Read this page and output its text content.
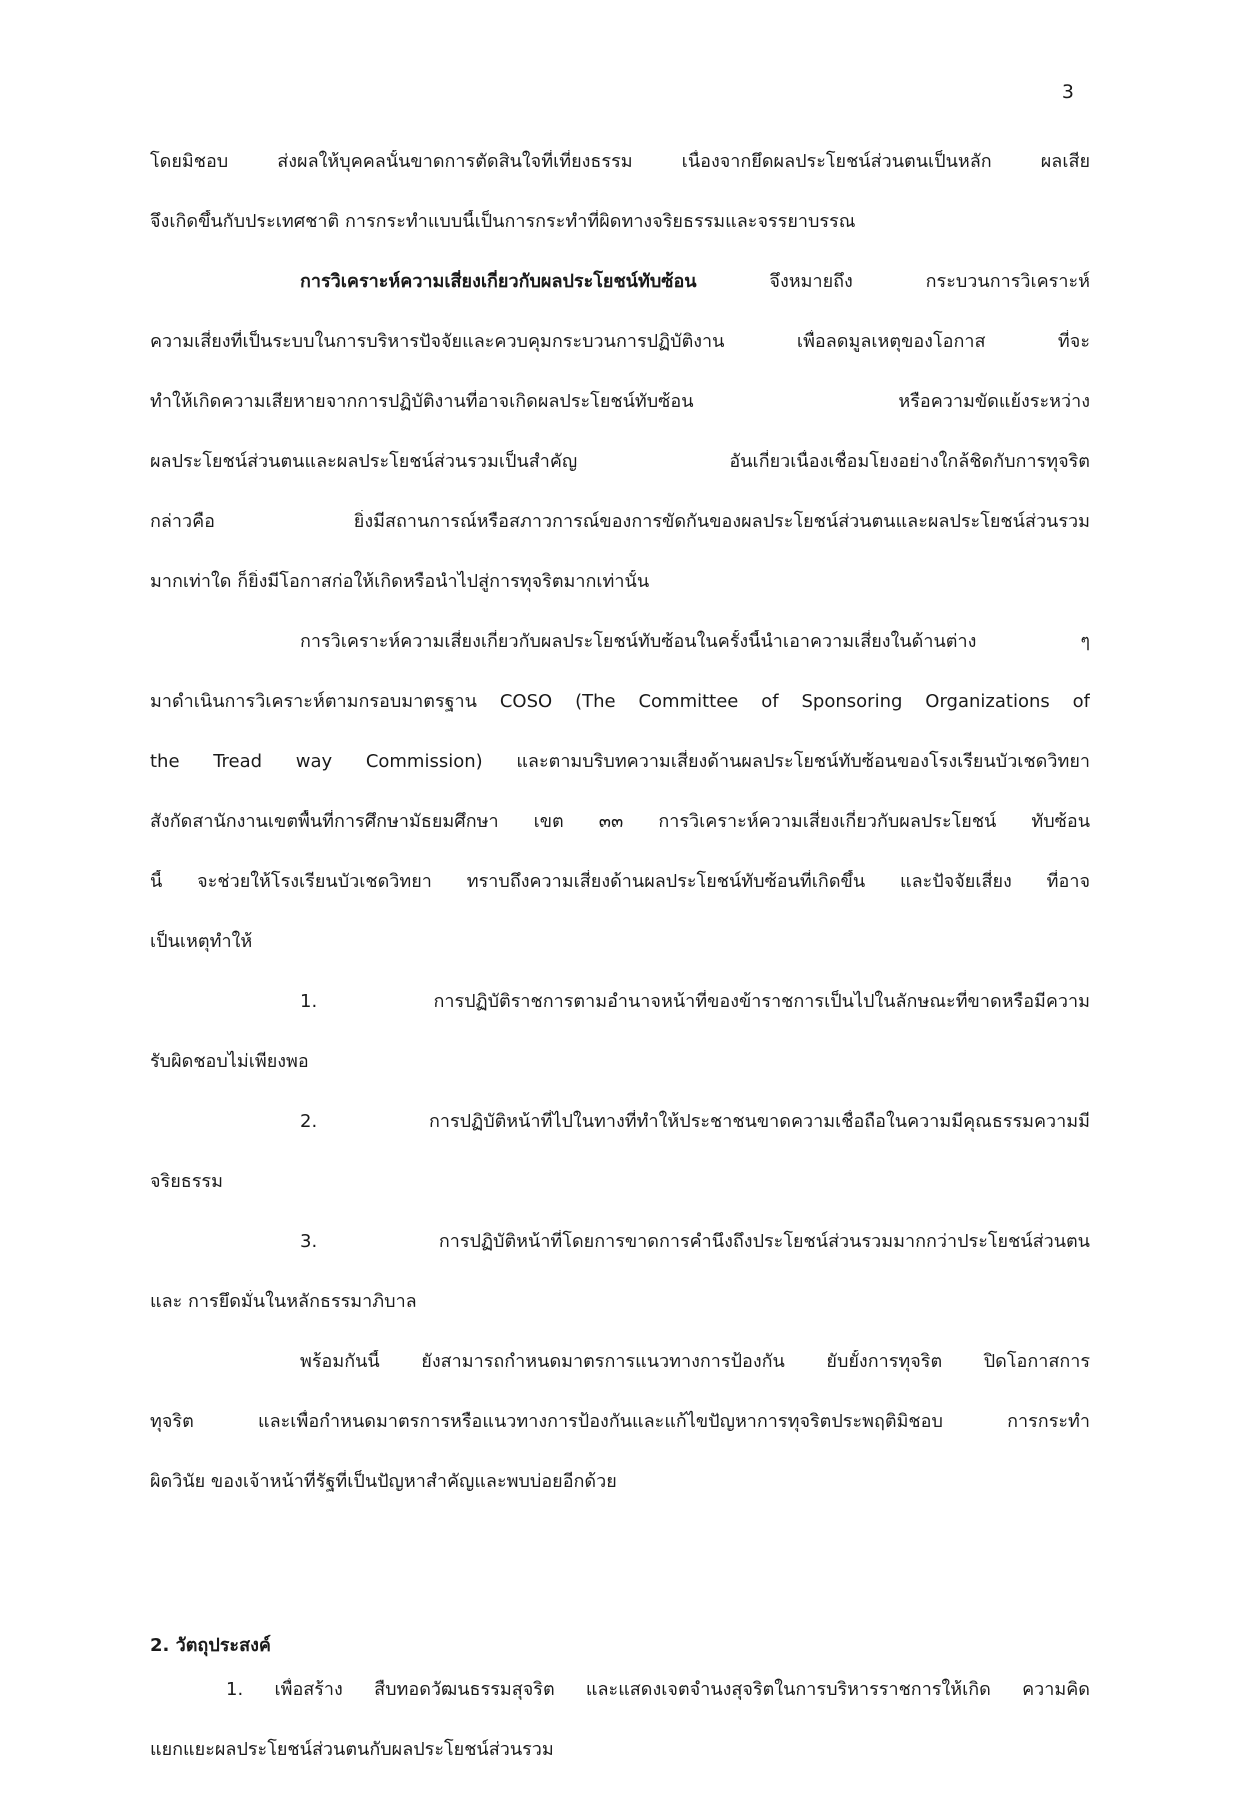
3
โดยมิชอบ ส่งผลให้บุคคลนั้นขาดการตัดสินใจที่เที่ยงธรรม เนื่องจากยึดผลประโยชน์ส่วนตนเป็นหลัก ผลเสีย
จึงเกิดขึ้นกับประเทศชาติ การกระทำแบบนี้เป็นการกระทำที่ผิดทางจริยธรรมและจรรยาบรรณ
การวิเคราะห์ความเสี่ยงเกี่ยวกับผลประโยชน์ทับซ้อน จึงหมายถึง กระบวนการวิเคราะห์
ความเสี่ยงที่เป็นระบบในการบริหารปัจจัยและควบคุมกระบวนการปฏิบัติงาน เพื่อลดมูลเหตุของโอกาส ที่จะ
ทำให้เกิดความเสียหายจากการปฏิบัติงานที่อาจเกิดผลประโยชน์ทับซ้อน หรือความขัดแย้งระหว่าง
ผลประโยชน์ส่วนตนและผลประโยชน์ส่วนรวมเป็นสำคัญ อันเกี่ยวเนื่องเชื่อมโยงอย่างใกล้ชิดกับการทุจริต
กล่าวคือ ยิ่งมีสถานการณ์หรือสภาวการณ์ของการขัดกันของผลประโยชน์ส่วนตนและผลประโยชน์ส่วนรวม
มากเท่าใด ก็ยิ่งมีโอกาสก่อให้เกิดหรือนำไปสู่การทุจริตมากเท่านั้น
การวิเคราะห์ความเสี่ยงเกี่ยวกับผลประโยชน์ทับซ้อนในครั้งนี้นำเอาความเสี่ยงในด้านต่าง ๆ
มาดำเนินการวิเคราะห์ตามกรอบมาตรฐาน COSO (The Committee of Sponsoring Organizations of
the Tread way Commission) และตามบริบทความเสี่ยงด้านผลประโยชน์ทับซ้อนของโรงเรียนบัวเชดวิทยา
สังกัดสานักงานเขตพื้นที่การศึกษามัธยมศึกษา เขต ๓๓ การวิเคราะห์ความเสี่ยงเกี่ยวกับผลประโยชน์ ทับซ้อน
นี้ จะช่วยให้โรงเรียนบัวเชดวิทยา ทราบถึงความเสี่ยงด้านผลประโยชน์ทับซ้อนที่เกิดขึ้น และปัจจัยเสี่ยง ที่อาจ
เป็นเหตุทำให้
1. การปฏิบัติราชการตามอำนาจหน้าที่ของข้าราชการเป็นไปในลักษณะที่ขาดหรือมีความ
รับผิดชอบไม่เพียงพอ
2. การปฏิบัติหน้าที่ไปในทางที่ทำให้ประชาชนขาดความเชื่อถือในความมีคุณธรรมความมี
จริยธรรม
3. การปฏิบัติหน้าที่โดยการขาดการคำนึงถึงประโยชน์ส่วนรวมมากกว่าประโยชน์ส่วนตน
และ การยึดมั่นในหลักธรรมาภิบาล
พร้อมกันนี้ ยังสามารถกำหนดมาตรการแนวทางการป้องกัน ยับยั้งการทุจริต ปิดโอกาสการ
ทุจริต และเพื่อกำหนดมาตรการหรือแนวทางการป้องกันและแก้ไขปัญหาการทุจริตประพฤติมิชอบ การกระทำ
ผิดวินัย ของเจ้าหน้าที่รัฐที่เป็นปัญหาสำคัญและพบบ่อยอีกด้วย
2. วัตถุประสงค์
1. เพื่อสร้าง สืบทอดวัฒนธรรมสุจริต และแสดงเจตจำนงสุจริตในการบริหารราชการให้เกิด ความคิด
แยกแยะผลประโยชน์ส่วนตนกับผลประโยชน์ส่วนรวม
